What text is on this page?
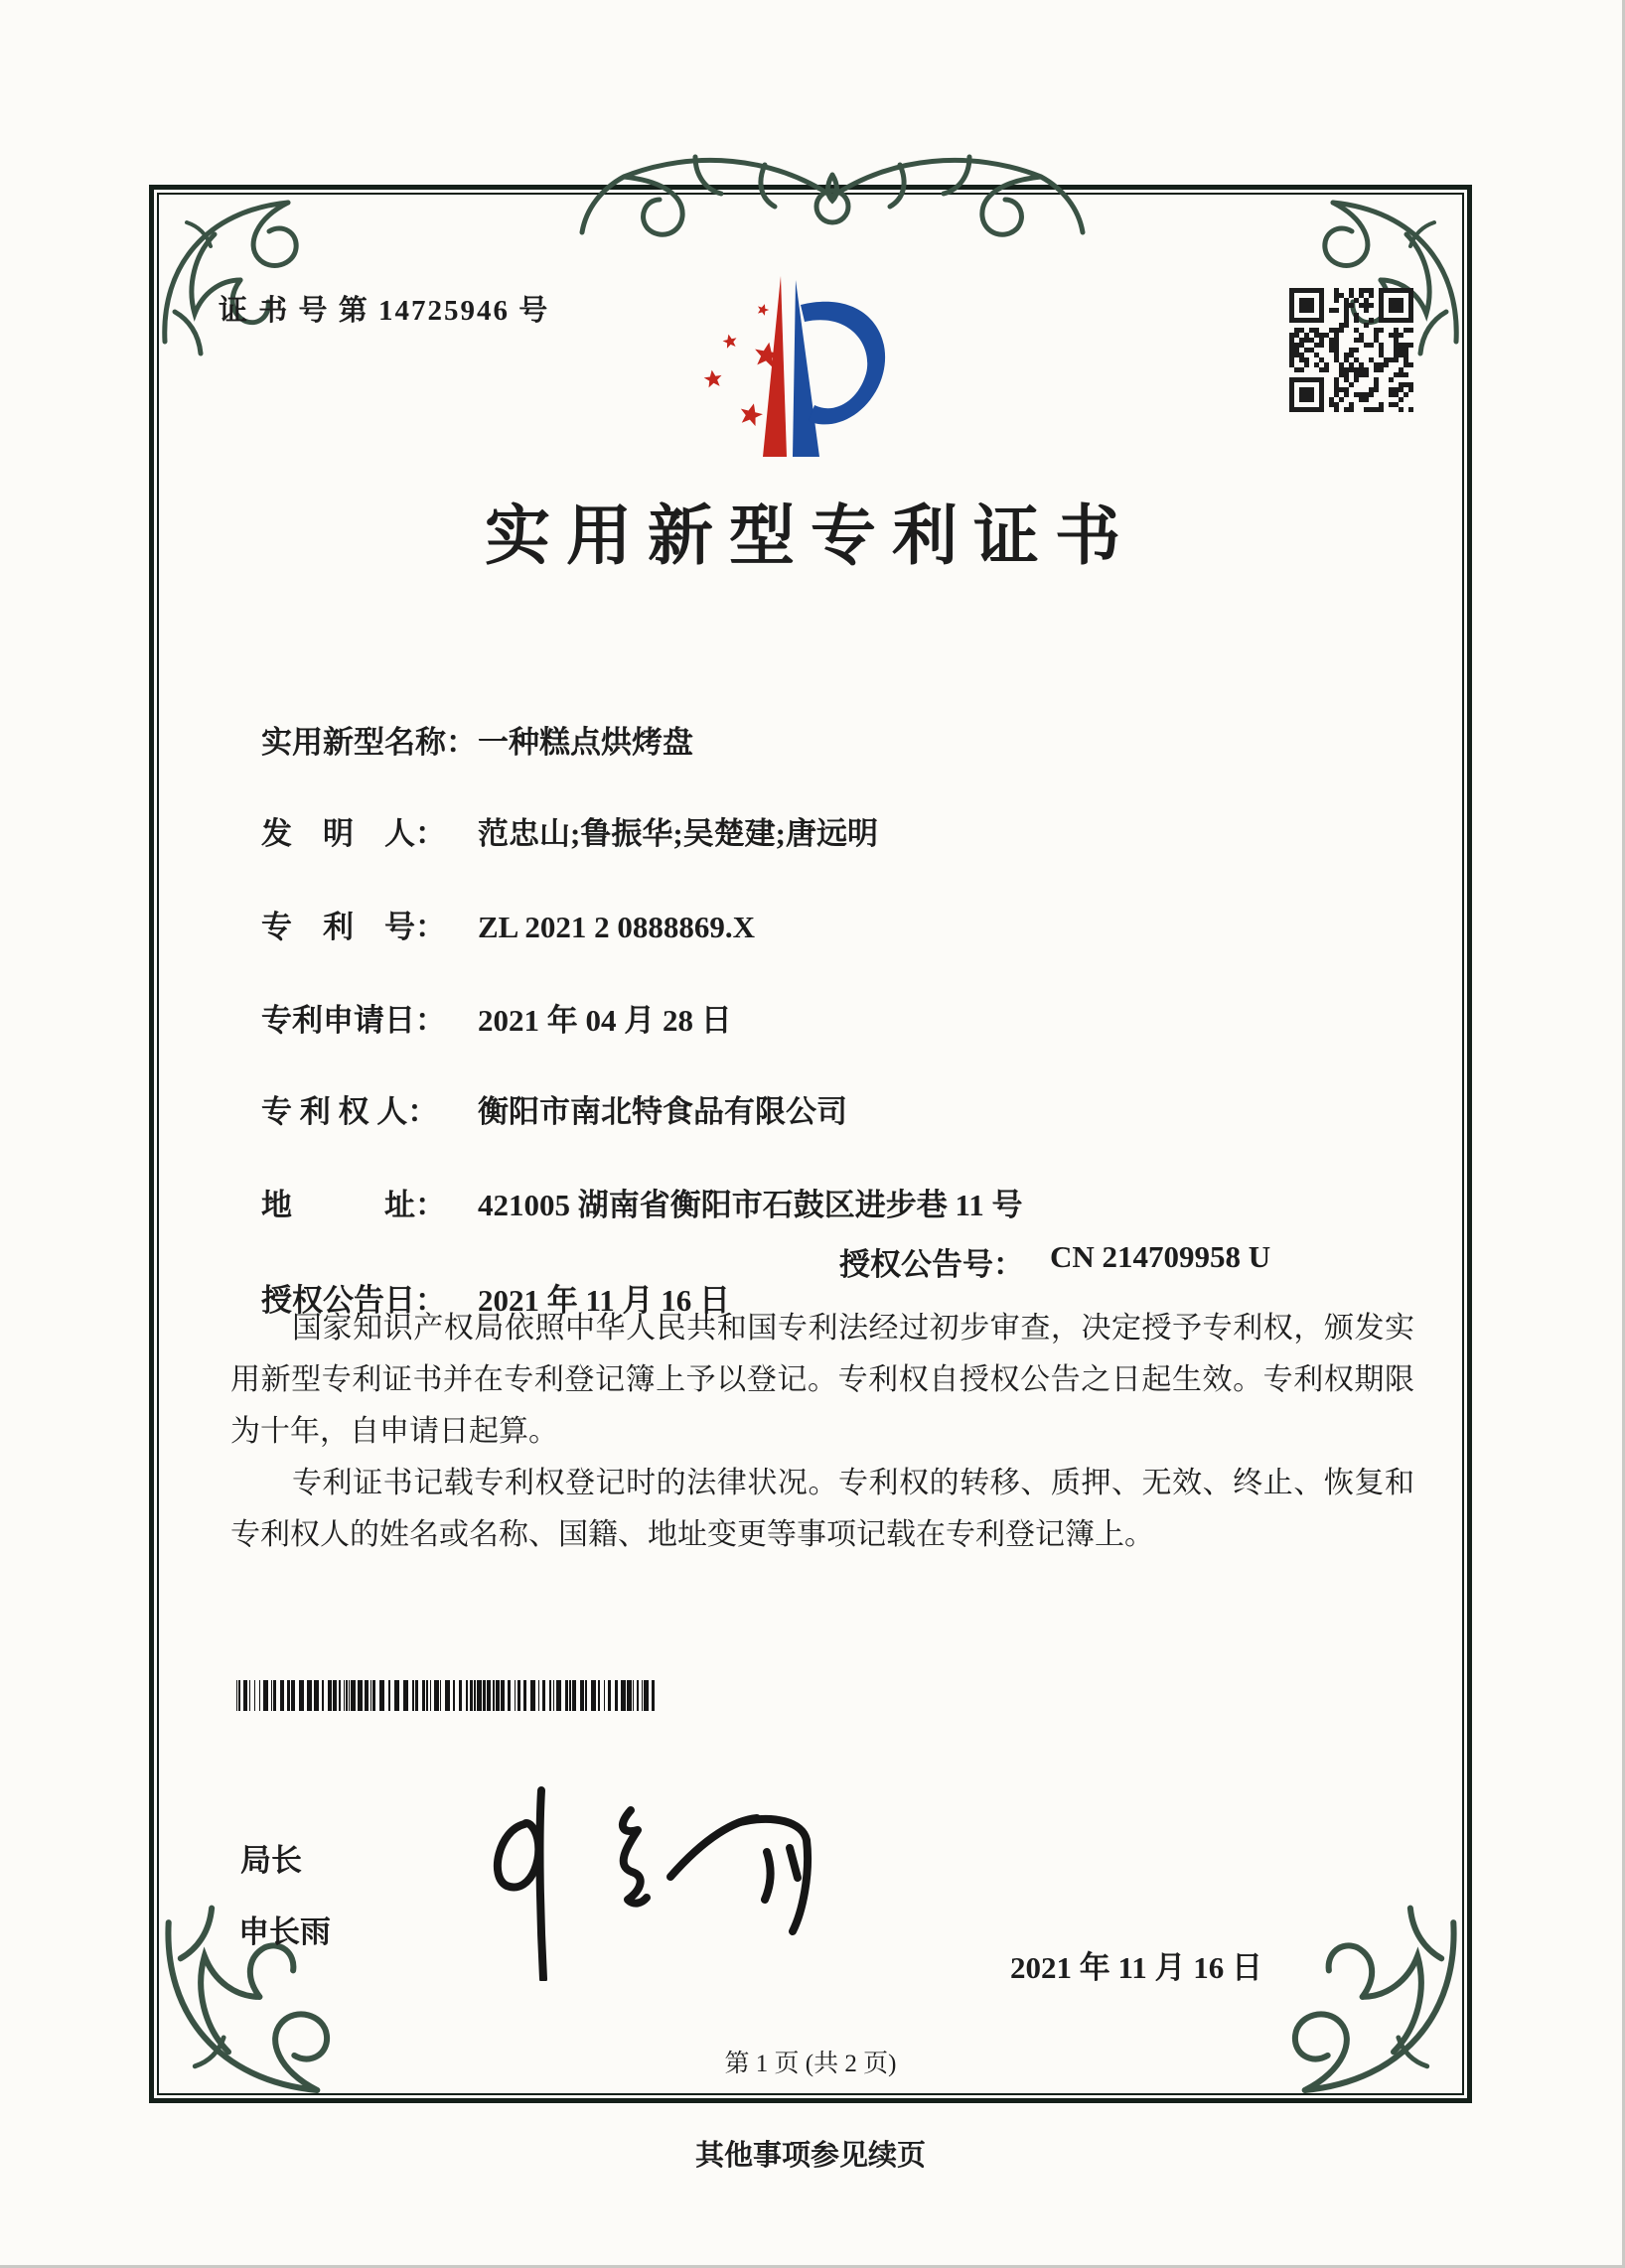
证 书 号 第 14725946 号
实用新型专利证书

实用新型名称：一种糕点烘烤盘

发　明　人： 范忠山;鲁振华;吴楚建;唐远明

专　利　号： ZL 2021 2 0888869.X

专利申请日： 2021 年 04 月 28 日

专 利 权 人： 衡阳市南北特食品有限公司

地　　　址： 421005 湖南省衡阳市石鼓区进步巷 11 号

授权公告日： 2021 年 11 月 16 日

授权公告号：

CN 214709958 U

国家知识产权局依照中华人民共和国专利法经过初步审查，决定授予专利权，颁发实用新型专利证书并在专利登记簿上予以登记。专利权自授权公告之日起生效。专利权期限为十年，自申请日起算。

专利证书记载专利权登记时的法律状况。专利权的转移、质押、无效、终止、恢复和专利权人的姓名或名称、国籍、地址变更等事项记载在专利登记簿上。

局长
申长雨
2021 年 11 月 16 日
第 1 页 (共 2 页)
其他事项参见续页
